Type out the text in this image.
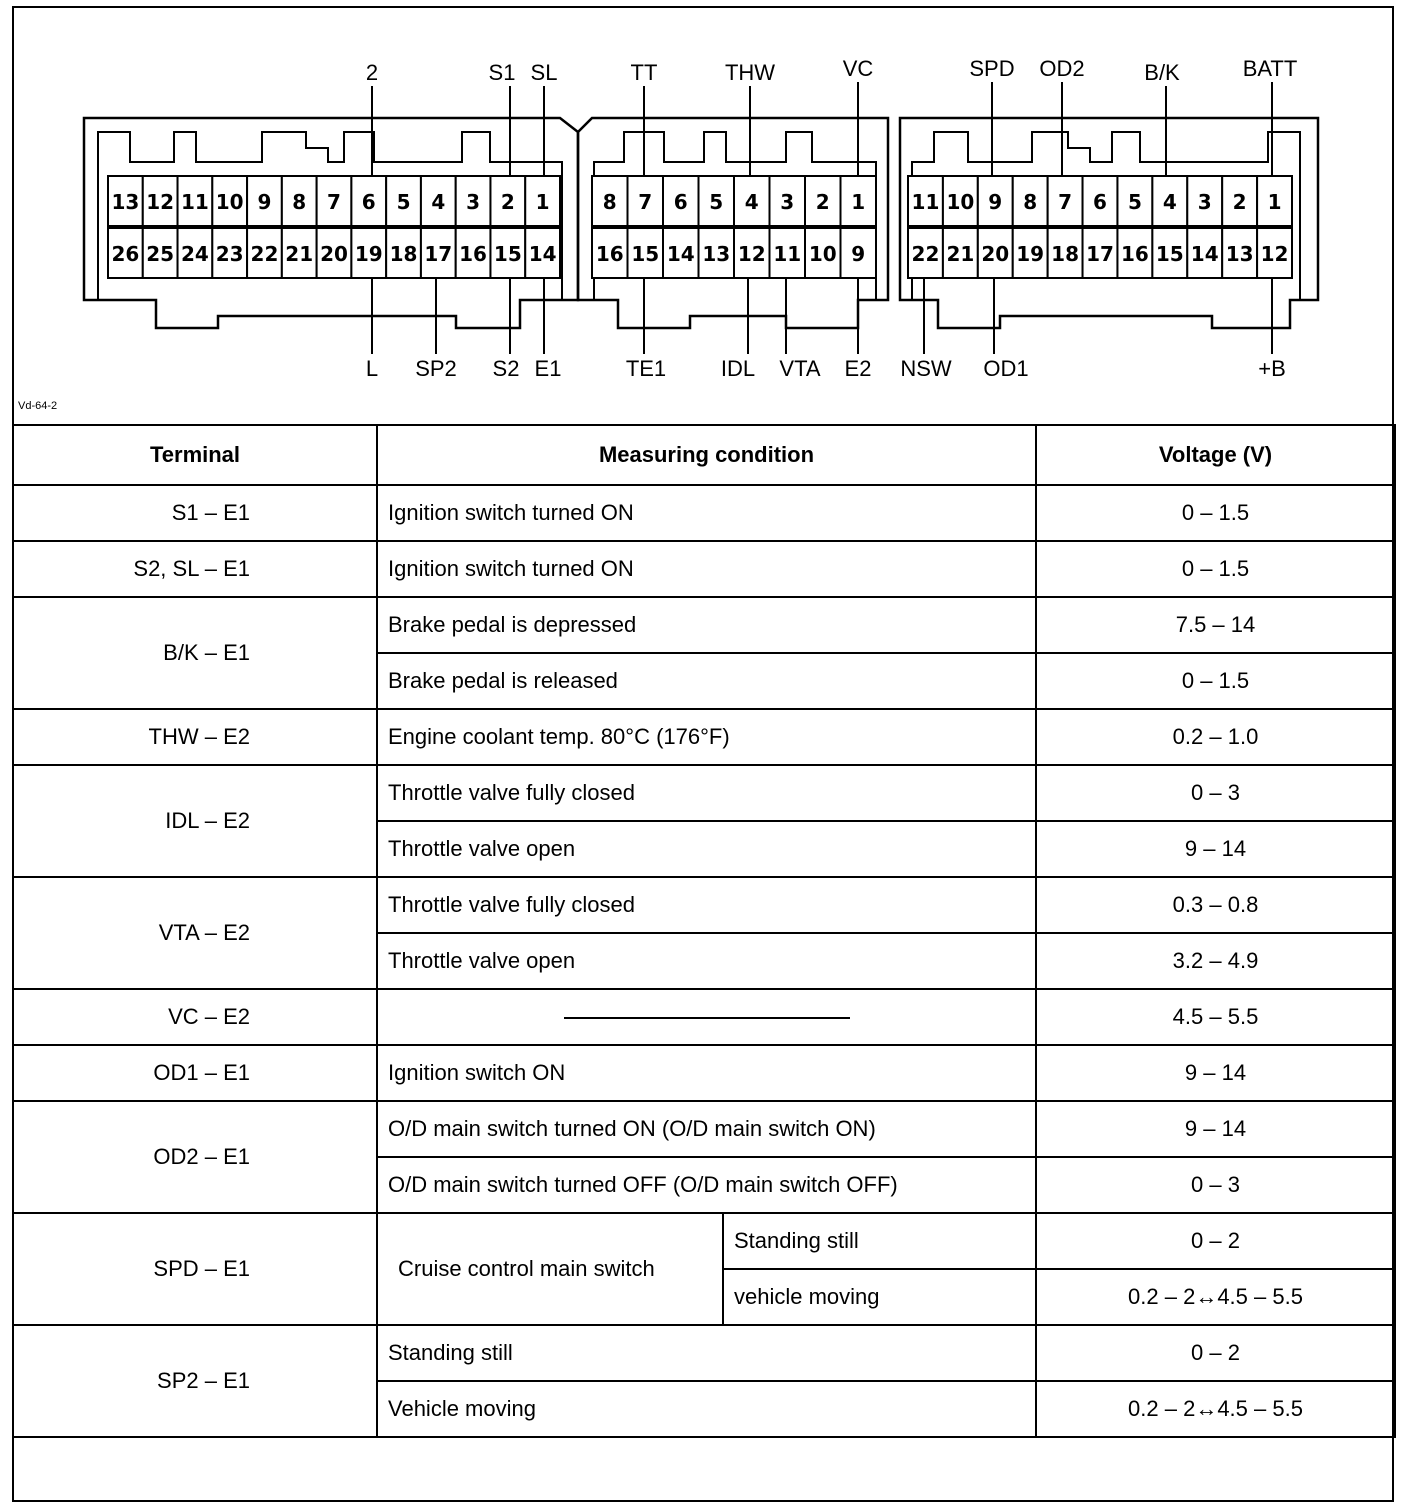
13 12 11 10 9 8 7 6 5 4 3 2 1
26 25 24 23 22 21 20 19 18 17 16 15 14
8 7 6 5 4 3 2 1
16 15 14 13 12 11 10 9
11 10 9 8 7 6 5 4 3 2 1
22 21 20 19 18 17 16 15 14 13 12
2	S1 SL	TT	THW	VC	SPD OD2	B/K	BATT
L SP2 S2 E1	TE1 IDL VTA E2 NSW OD1	+B
Vd-64-2
Terminal	Measuring condition		Voltage (V)
S1 – E1	Ignition switch turned ON		0 – 1.5
S2, SL – E1	Ignition switch turned ON		0 – 1.5
B/K – E1	Brake pedal is depressed		7.5 – 14
	Brake pedal is released		0 – 1.5
THW – E2	Engine coolant temp. 80°C (176°F)		0.2 – 1.0
IDL – E2	Throttle valve fully closed		0 – 3
	Throttle valve open		9 – 14
VTA – E2	Throttle valve fully closed		0.3 – 0.8
	Throttle valve open		3.2 – 4.9
VC – E2			4.5 – 5.5
OD1 – E1	Ignition switch ON		9 – 14
OD2 – E1	O/D main switch turned ON (O/D main switch ON)		9 – 14
	O/D main switch turned OFF (O/D main switch OFF)		0 – 3
SPD – E1	Cruise control main switch	Standing still	0 – 2
		vehicle moving	0.2 – 2↔4.5 – 5.5
SP2 – E1	Standing still		0 – 2
	Vehicle moving		0.2 – 2↔4.5 – 5.5
